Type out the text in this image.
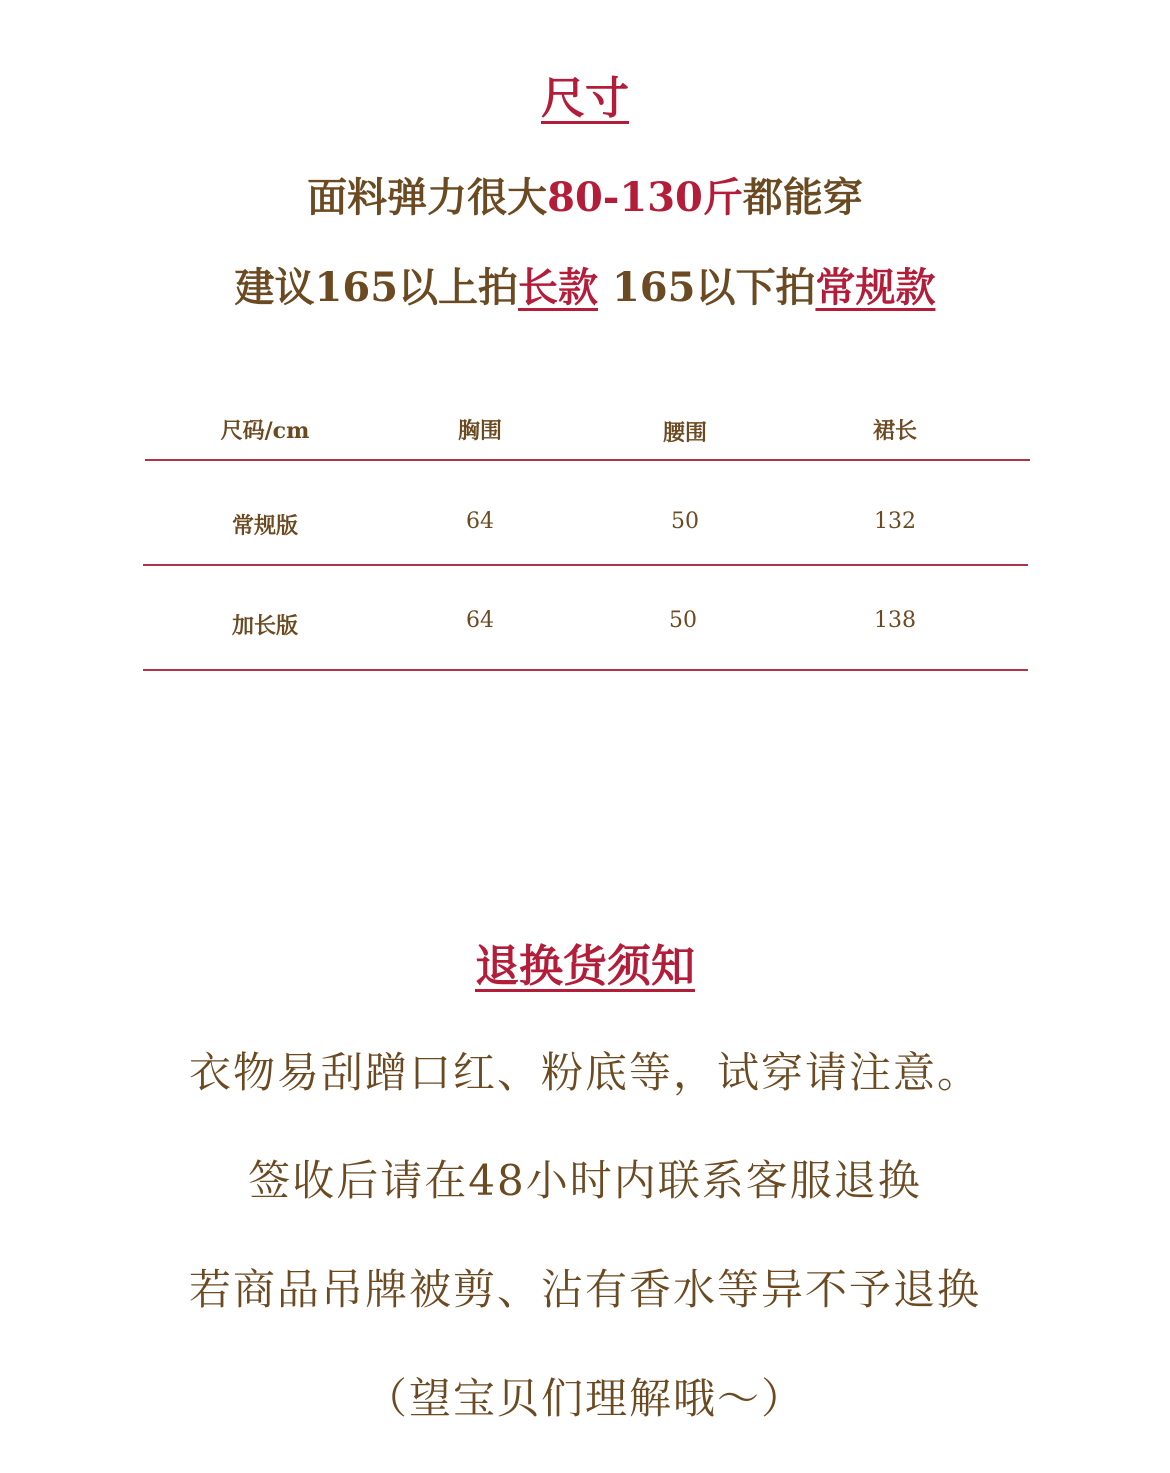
尺寸
面料弹力很大80-130斤都能穿
建议165以上拍长款 165以下拍常规款
尺码/cm	胸围	腰围	裙长
常规版	64	50	132
加长版	64	50	138
退换货须知
衣物易刮蹭口红、粉底等，试穿请注意。
签收后请在48小时内联系客服退换
若商品吊牌被剪、沾有香水等异不予退换
（望宝贝们理解哦～）
